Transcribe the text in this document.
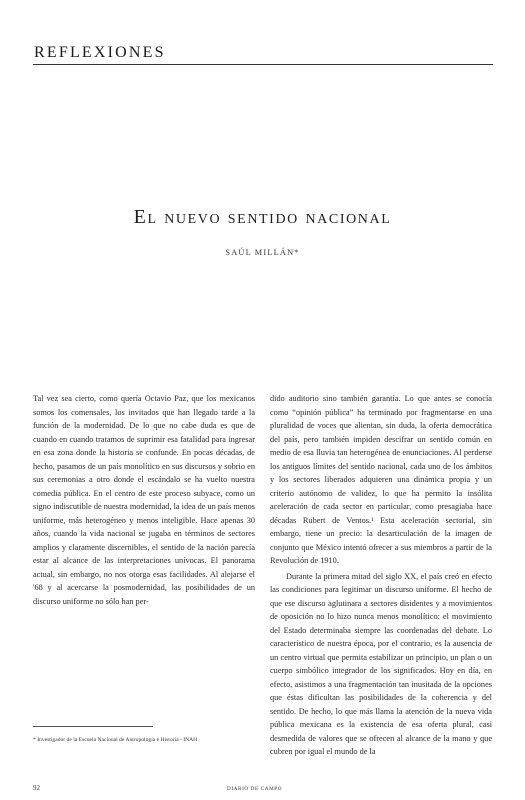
REFLEXIONES
El nuevo sentido nacional
SAÚL MILLÁN*

Tal vez sea cierto, como quería Octavio Paz, que los mexicanos somos los comensales, los invitados que han llegado tarde a la función de la modernidad. De lo que no cabe duda es que de cuando en cuando tratamos de suprimir esa fatalidad para ingresar en esa zona donde la historia se confunde. En pocas décadas, de hecho, pasamos de un país monolítico en sus discursos y sobrio en sus ceremonias a otro donde el escándalo se ha vuelto nuestra comedia pública. En el centro de este proceso subyace, como un signo indiscutible de nuestra modernidad, la idea de un país menos uniforme, más heterogéneo y menos inteligible. Hace apenas 30 años, cuando la vida nacional se jugaba en términos de sectores amplios y claramente discernibles, el sentido de la nación parecía estar al alcance de las interpretaciones unívocas. El panorama actual, sin embargo, no nos otorga esas facilidades. Al alejarse el '68 y al acercarse la posmodernidad, las posibilidades de un discurso uniforme no sólo han per-

dido auditorio sino también garantía. Lo que antes se conocía como “opinión pública” ha terminado por fragmentarse en una pluralidad de voces que alientan, sin duda, la oferta democrática del país, pero también impiden descifrar un sentido común en medio de esa lluvia tan heterogénea de enunciaciones. Al perderse los antiguos límites del sentido nacional, cada uno de los ámbitos y los sectores liberados adquieren una dinámica propia y un criterio autónomo de validez, lo que ha permito la insólita aceleración de cada sector en particular, como presagiaba hace décadas Rubert de Ventos.¹ Esta aceleración sectorial, sin embargo, tiene un precio: la desarticulación de la imagen de conjunto que México intentó ofrecer a sus miembros a partir de la Revolución de 1910.

Durante la primera mitad del siglo XX, el país creó en efecto las condiciones para legitimar un discurso uniforme. El hecho de que ese discurso aglutinara a sectores disidentes y a movimientos de oposición no lo hizo nunca menos monolítico: el movimiento del Estado determinaba siempre las coordenadas del debate. Lo característico de nuestra época, por el contrario, es la ausencia de un centro virtual que permita estabilizar un principio, un plan o un cuerpo simbólico integrador de los significados. Hoy en día, en efecto, asistimos a una fragmentación tan inusitada de la opciones que éstas dificultan las posibilidades de la coherencia y del sentido. De hecho, lo que más llama la atención de la nueva vida pública mexicana es la existencia de esa oferta plural, casi desmedida de valores que se ofrecen al alcance de la mano y que cubren por igual el mundo de la

* Investigador de la Escuela Nacional de Antropología e Historia - INAH
92	DIARIO DE CAMPO
